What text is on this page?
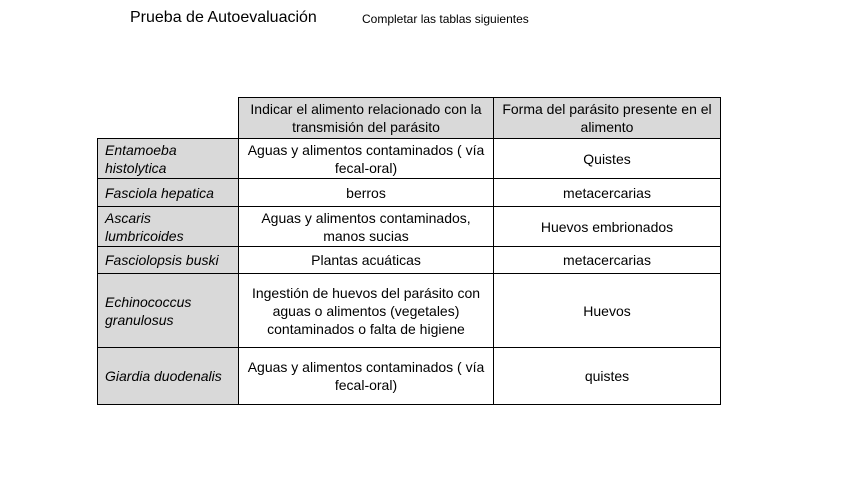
Prueba de Autoevaluación	Completar las tablas siguientes
	Indicar el alimento relacionado con la transmisión del parásito	Forma del parásito presente en el alimento
Entamoeba histolytica	Aguas y alimentos contaminados ( vía fecal-oral)	Quistes
Fasciola hepatica	berros	metacercarias
Ascaris lumbricoides	Aguas y alimentos contaminados, manos sucias	Huevos embrionados
Fasciolopsis buski	Plantas acuáticas	metacercarias
Echinococcus granulosus	Ingestión de huevos del parásito con aguas o alimentos (vegetales) contaminados o falta de higiene	Huevos
Giardia duodenalis	Aguas y alimentos contaminados ( vía fecal-oral)	quistes
